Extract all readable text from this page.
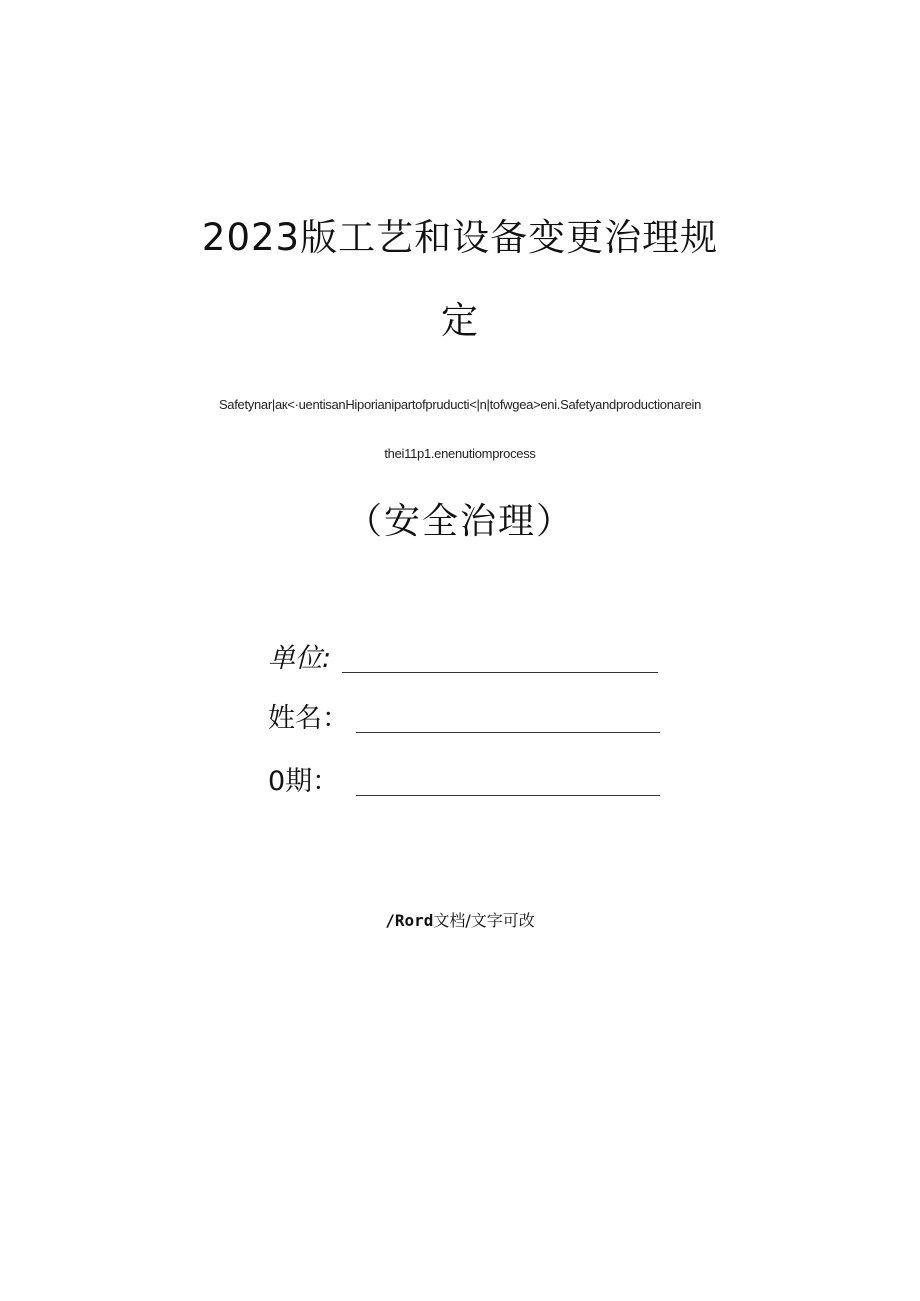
2023版工艺和设备变更治理规
定
Safetynar|aк<·uentisanHiporianipartofpruducti<|n|tofwgea>eni.Safetyandproductionarein
thei11p1.enenutiomprocess
（安全治理）
单位:
姓名：
0期：
/Rord文档/文字可改
